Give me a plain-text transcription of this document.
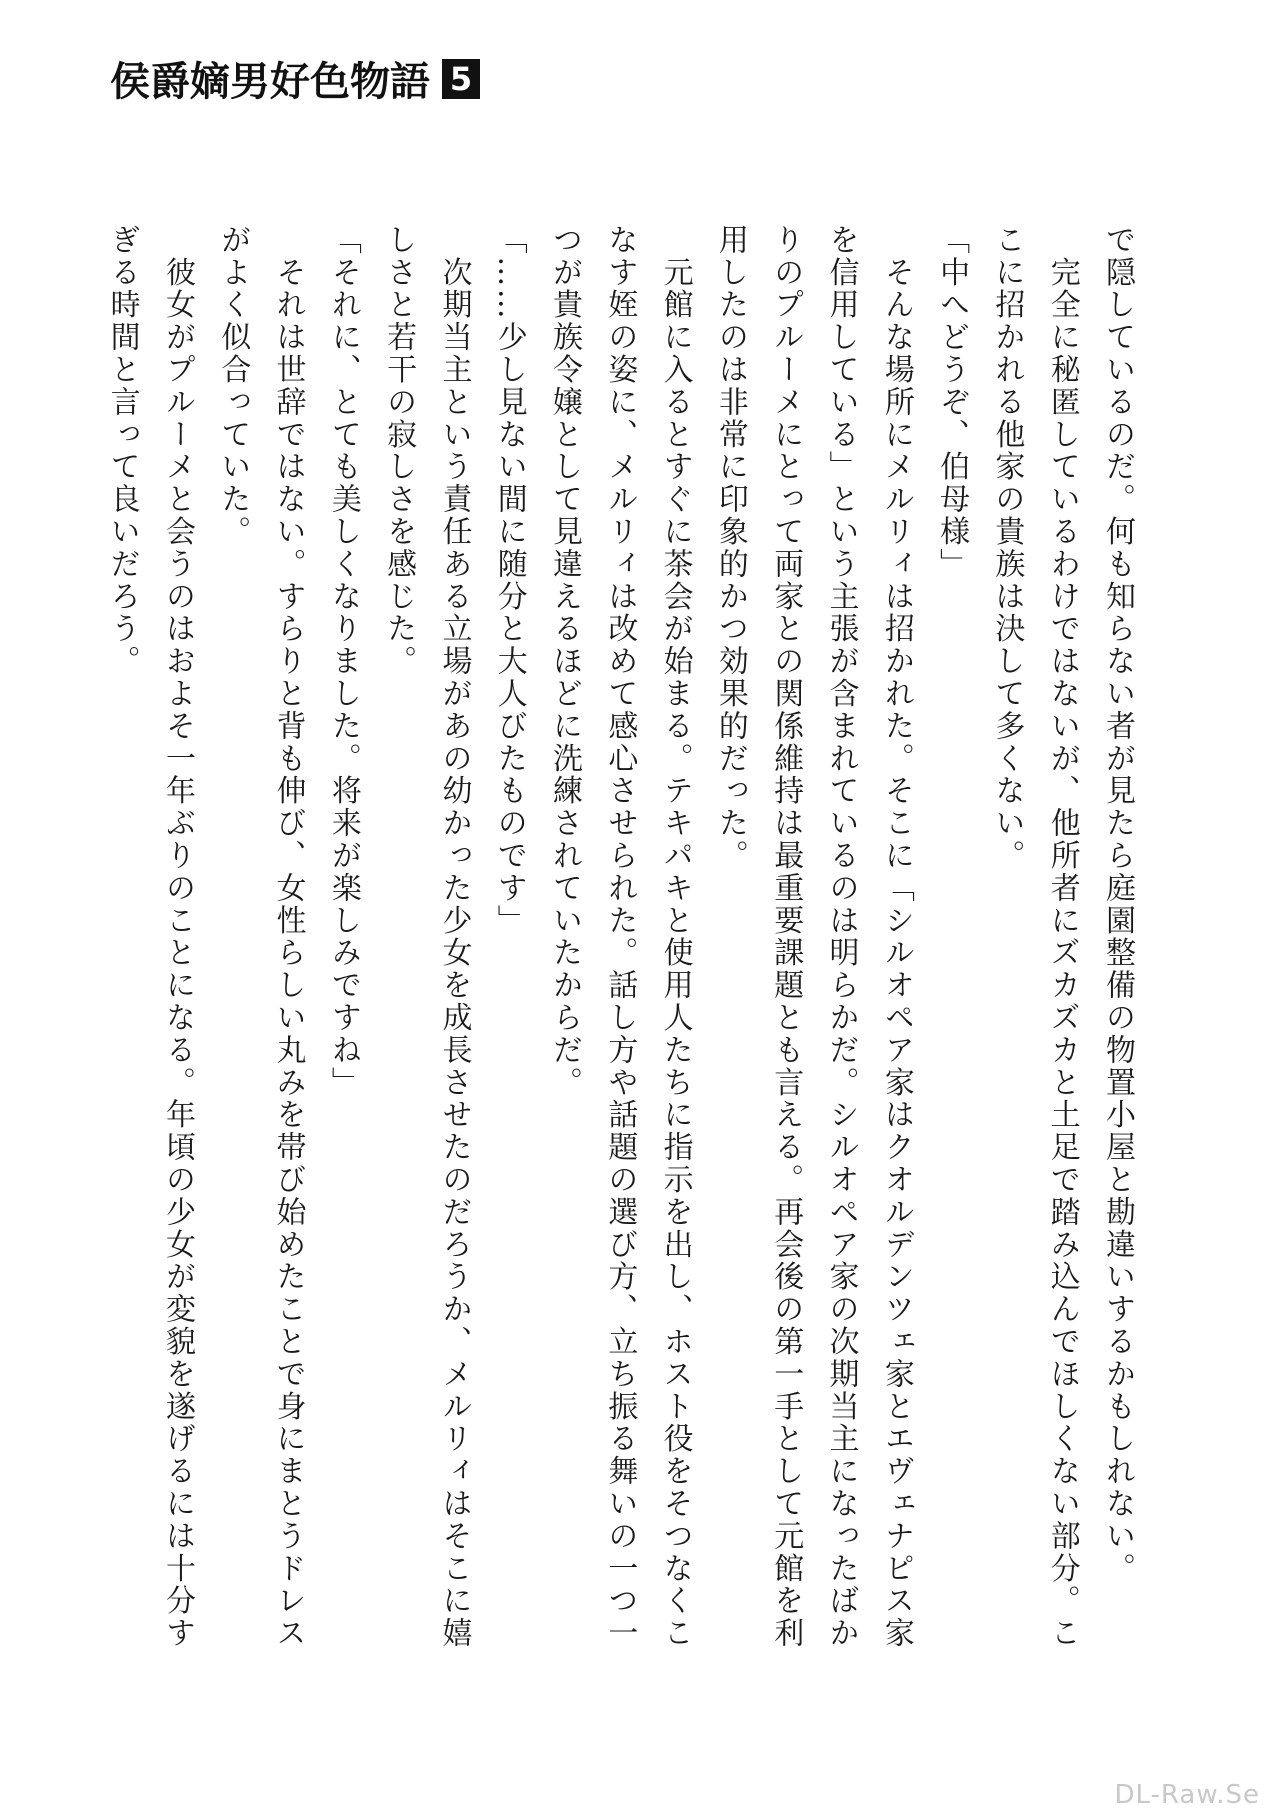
侯爵嫡男好色物語 5
で隠しているのだ。何も知らない者が見たら庭園整備の物置小屋と勘違いするかもしれない。
　完全に秘匿しているわけではないが、他所者にズカズカと土足で踏み込んでほしくない部分。こ
こに招かれる他家の貴族は決して多くない。
「中へどうぞ、伯母様」
　そんな場所にメルリィは招かれた。そこに「シルオペア家はクオルデンツェ家とエヴェナピス家
を信用している」という主張が含まれているのは明らかだ。シルオペア家の次期当主になったばか
りのプルーメにとって両家との関係維持は最重要課題とも言える。再会後の第一手として元館を利
用したのは非常に印象的かつ効果的だった。
　元館に入るとすぐに茶会が始まる。テキパキと使用人たちに指示を出し、ホスト役をそつなくこ
なす姪の姿に、メルリィは改めて感心させられた。話し方や話題の選び方、立ち振る舞いの一つ一
つが貴族令嬢として見違えるほどに洗練されていたからだ。
「……少し見ない間に随分と大人びたものです」
　次期当主という責任ある立場があの幼かった少女を成長させたのだろうか、メルリィはそこに嬉
しさと若干の寂しさを感じた。
「それに、とても美しくなりました。将来が楽しみですね」
　それは世辞ではない。すらりと背も伸び、女性らしい丸みを帯び始めたことで身にまとうドレス
がよく似合っていた。
　彼女がプルーメと会うのはおよそ一年ぶりのことになる。年頃の少女が変貌を遂げるには十分す
ぎる時間と言って良いだろう。
DL-Raw.Se
